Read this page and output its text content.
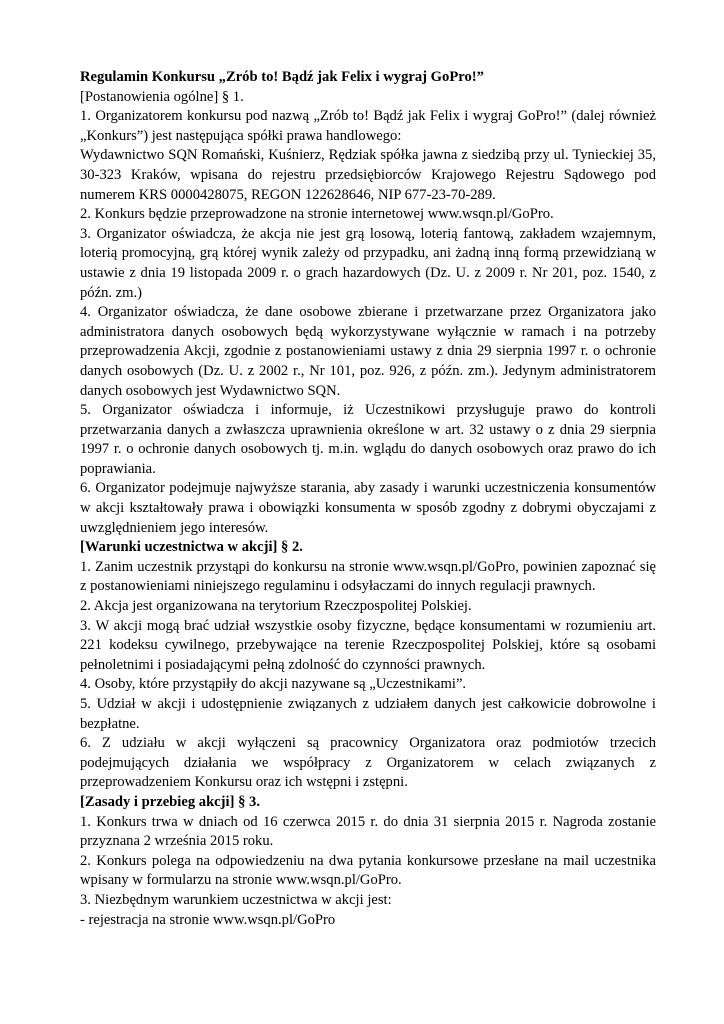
Regulamin Konkursu „Zrób to! Bądź jak Felix i wygraj GoPro!”

[Postanowienia ogólne] § 1.

1. Organizatorem konkursu pod nazwą „Zrób to! Bądź jak Felix i wygraj GoPro!” (dalej również „Konkurs”) jest następująca spółki prawa handlowego:

Wydawnictwo SQN Romański, Kuśnierz, Rędziak spółka jawna z siedzibą przy ul. Tynieckiej 35, 30-323 Kraków, wpisana do rejestru przedsiębiorców Krajowego Rejestru Sądowego pod numerem KRS 0000428075, REGON 122628646, NIP 677-23-70-289.

2. Konkurs będzie przeprowadzone na stronie internetowej www.wsqn.pl/GoPro.

3. Organizator oświadcza, że akcja nie jest grą losową, loterią fantową, zakładem wzajemnym, loterią promocyjną, grą której wynik zależy od przypadku, ani żadną inną formą przewidzianą w ustawie z dnia 19 listopada 2009 r. o grach hazardowych (Dz. U. z 2009 r. Nr 201, poz. 1540, z późn. zm.)

4. Organizator oświadcza, że dane osobowe zbierane i przetwarzane przez Organizatora jako administratora danych osobowych będą wykorzystywane wyłącznie w ramach i na potrzeby przeprowadzenia Akcji, zgodnie z postanowieniami ustawy z dnia 29 sierpnia 1997 r. o ochronie danych osobowych (Dz. U. z 2002 r., Nr 101, poz. 926, z późn. zm.). Jedynym administratorem danych osobowych jest Wydawnictwo SQN.

5. Organizator oświadcza i informuje, iż Uczestnikowi przysługuje prawo do kontroli przetwarzania danych a zwłaszcza uprawnienia określone w art. 32 ustawy o z dnia 29 sierpnia 1997 r. o ochronie danych osobowych tj. m.in. wglądu do danych osobowych oraz prawo do ich poprawiania.

6. Organizator podejmuje najwyższe starania, aby zasady i warunki uczestniczenia konsumentów w akcji kształtowały prawa i obowiązki konsumenta w sposób zgodny z dobrymi obyczajami z uwzględnieniem jego interesów.

[Warunki uczestnictwa w akcji] § 2.

1. Zanim uczestnik przystąpi do konkursu na stronie www.wsqn.pl/GoPro, powinien zapoznać się z postanowieniami niniejszego regulaminu i odsyłaczami do innych regulacji prawnych.

2. Akcja jest organizowana na terytorium Rzeczpospolitej Polskiej.

3. W akcji mogą brać udział wszystkie osoby fizyczne, będące konsumentami w rozumieniu art. 221 kodeksu cywilnego, przebywające na terenie Rzeczpospolitej Polskiej, które są osobami pełnoletnimi i posiadającymi pełną zdolność do czynności prawnych.

4. Osoby, które przystąpiły do akcji nazywane są „Uczestnikami”.

5. Udział w akcji i udostępnienie związanych z udziałem danych jest całkowicie dobrowolne i bezpłatne.

6. Z udziału w akcji wyłączeni są pracownicy Organizatora oraz podmiotów trzecich podejmujących działania we współpracy z Organizatorem w celach związanych z przeprowadzeniem Konkursu oraz ich wstępni i zstępni.

[Zasady i przebieg akcji] § 3.

1. Konkurs trwa w dniach od 16 czerwca 2015 r. do dnia 31 sierpnia 2015 r. Nagroda zostanie przyznana 2 września 2015 roku.

2. Konkurs polega na odpowiedzeniu na dwa pytania konkursowe przesłane na mail uczestnika wpisany w formularzu na stronie www.wsqn.pl/GoPro.

3. Niezbędnym warunkiem uczestnictwa w akcji jest:

- rejestracja na stronie www.wsqn.pl/GoPro
